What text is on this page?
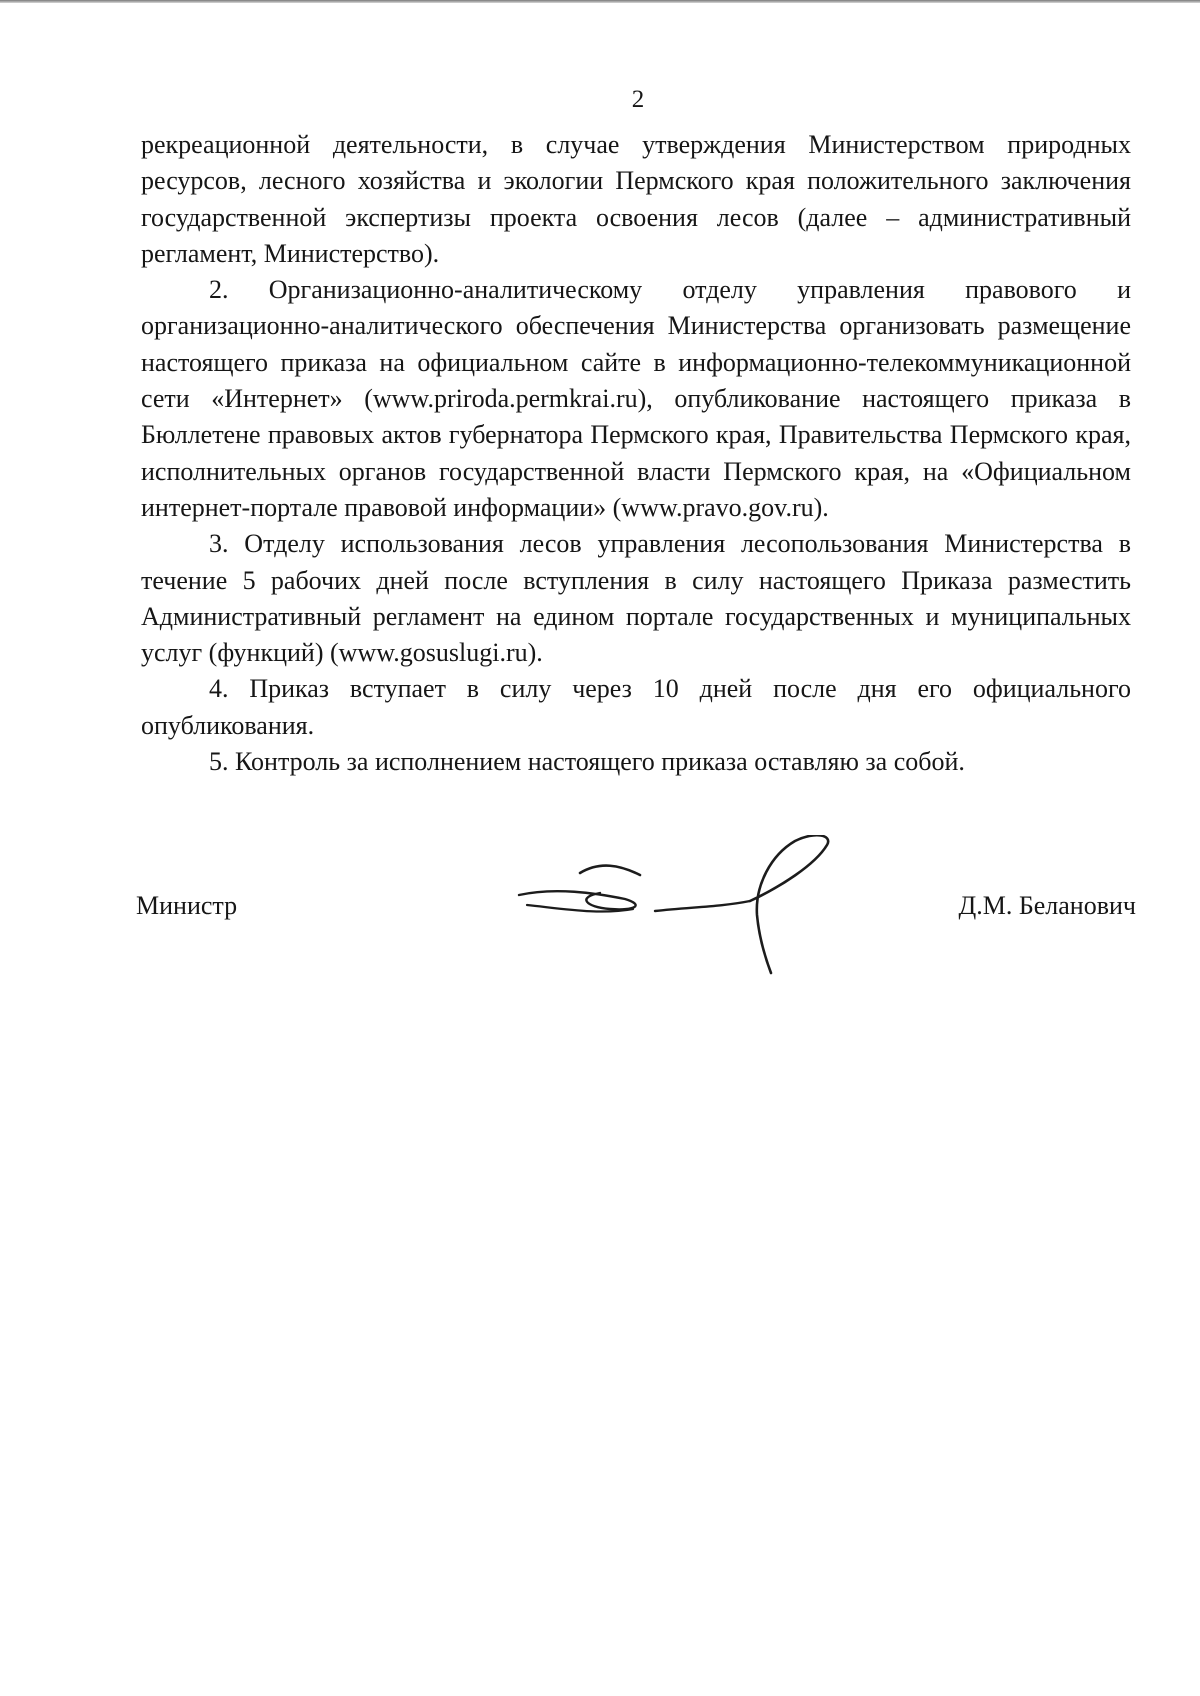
2

рекреационной деятельности, в случае утверждения Министерством природных ресурсов, лесного хозяйства и экологии Пермского края положительного заключения государственной экспертизы проекта освоения лесов (далее – административный регламент, Министерство).

2. Организационно-аналитическому отделу управления правового и организационно-аналитического обеспечения Министерства организовать размещение настоящего приказа на официальном сайте в информационно-телекоммуникационной сети «Интернет» (www.priroda.permkrai.ru), опубликование настоящего приказа в Бюллетене правовых актов губернатора Пермского края, Правительства Пермского края, исполнительных органов государственной власти Пермского края, на «Официальном интернет-портале правовой информации» (www.pravo.gov.ru).

3. Отделу использования лесов управления лесопользования Министерства в течение 5 рабочих дней после вступления в силу настоящего Приказа разместить Административный регламент на едином портале государственных и муниципальных услуг (функций) (www.gosuslugi.ru).

4. Приказ вступает в силу через 10 дней после дня его официального опубликования.

5. Контроль за исполнением настоящего приказа оставляю за собой.

Министр	Д.М. Беланович
